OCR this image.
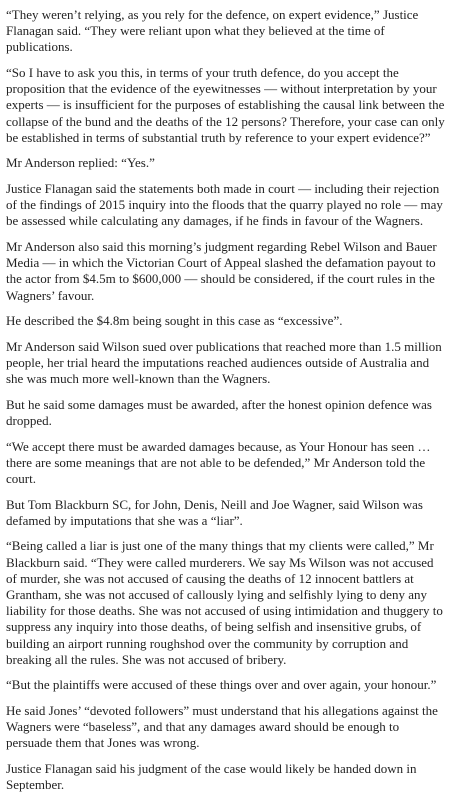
“They weren’t relying, as you rely for the defence, on expert evidence,” Justice Flanagan said. “They were reliant upon what they believed at the time of publications.

“So I have to ask you this, in terms of your truth defence, do you accept the proposition that the evidence of the eyewitnesses — without interpretation by your experts — is insufficient for the purposes of establishing the causal link between the collapse of the bund and the deaths of the 12 persons? Therefore, your case can only be established in terms of substantial truth by reference to your expert evidence?”

Mr Anderson replied: “Yes.”

Justice Flanagan said the statements both made in court — including their rejection of the findings of 2015 inquiry into the floods that the quarry played no role — may be assessed while calculating any damages, if he finds in favour of the Wagners.

Mr Anderson also said this morning’s judgment regarding Rebel Wilson and Bauer Media — in which the Victorian Court of Appeal slashed the defamation payout to the actor from $4.5m to $600,000 — should be considered, if the court rules in the Wagners’ favour.

He described the $4.8m being sought in this case as “excessive”.

Mr Anderson said Wilson sued over publications that reached more than 1.5 million people, her trial heard the imputations reached audiences outside of Australia and she was much more well-known than the Wagners.

But he said some damages must be awarded, after the honest opinion defence was dropped.

“We accept there must be awarded damages because, as Your Honour has seen … there are some meanings that are not able to be defended,” Mr Anderson told the court.

But Tom Blackburn SC, for John, Denis, Neill and Joe Wagner, said Wilson was defamed by imputations that she was a “liar”.

“Being called a liar is just one of the many things that my clients were called,” Mr Blackburn said. “They were called murderers. We say Ms Wilson was not accused of murder, she was not accused of causing the deaths of 12 innocent battlers at Grantham, she was not accused of callously lying and selfishly lying to deny any liability for those deaths. She was not accused of using intimidation and thuggery to suppress any inquiry into those deaths, of being selfish and insensitive grubs, of building an airport running roughshod over the community by corruption and breaking all the rules. She was not accused of bribery.

“But the plaintiffs were accused of these things over and over again, your honour.”

He said Jones’ “devoted followers” must understand that his allegations against the Wagners were “baseless”, and that any damages award should be enough to persuade them that Jones was wrong.

Justice Flanagan said his judgment of the case would likely be handed down in September.
